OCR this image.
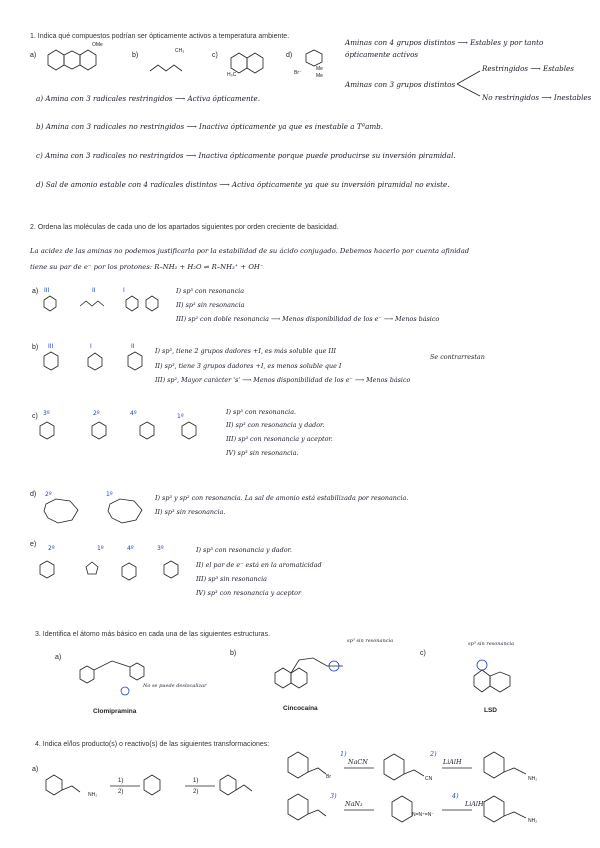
1. Indica qué compuestos podrían ser ópticamente activos a temperatura ambiente.
a)	b)	c)	d)
OMe
CH₃
H₃C	Br⁻
Me
Me
Aminas con 4 grupos distintos ⟶ Estables y por tanto
ópticamente activos
Aminas con 3 grupos distintos
Restringidos ⟶ Estables
No restringidos ⟶ Inestables
a) Amina con 3 radicales restringidos ⟶ Activa ópticamente.
b) Amina con 3 radicales no restringidos ⟶ Inactiva ópticamente ya que es inestable a Tªamb.
c) Amina con 3 radicales no restringidos ⟶ Inactiva ópticamente porque puede producirse su inversión piramidal.
d) Sal de amonio estable con 4 radicales distintos ⟶ Activa ópticamente ya que su inversión piramidal no existe.
2. Ordena las moléculas de cada uno de los apartados siguientes por orden creciente de basicidad.
La acidez de las aminas no podemos justificarla por la estabilidad de su ácido conjugado. Debemos hacerlo por cuenta afinidad
tiene su par de e⁻ por los protones: R–NH₂ + H₂O ⇌ R–NH₃⁺ + OH⁻
a) III	II	I	I) sp³ con resonancia
II) sp³ sin resonancia
III) sp² con doble resonancia ⟶ Menos disponibilidad de los e⁻ ⟶ Menos básico
b) III	I	II
I) sp³, tiene 2 grupos dadores +I, es más soluble que III
II) sp³, tiene 3 grupos dadores +I, es menos soluble que I
III) sp², Mayor carácter 's' ⟶ Menos disponibilidad de los e⁻ ⟶ Menos básico
Se contrarrestan
c) 3º	2º	4º	1º
I) sp³ con resonancia.
II) sp³ con resonancia y dador.
III) sp³ con resonancia y aceptor.
IV) sp³ sin resonancia.
d) 2º	1º	I) sp³ y sp² con resonancia. La sal de amonio está estabilizada por resonancia.
II) sp³ sin resonancia.
e)
2º	1º	4º	3º	I) sp³ con resonancia y dador.
II) el par de e⁻ está en la aromaticidad
III) sp³ sin resonancia
IV) sp³ con resonancia y aceptor
3. Identifica el átomo más básico en cada una de las siguientes estructuras.
a)
b)	c)
No se puede deslocalizar
Clomipramina
sp³ sin resonancia
Cincocaína
sp³ sin resonancia
LSD
4. Indica el/los producto(s) o reactivo(s) de las siguientes transformaciones:
a)
1)
2)
1)
2)
1)
NaCN
2)
LiAlH
3)
NaN₃
4)
LiAlH
Br	CN	NH₂
NH₂
N=N⁺=N⁻
NH₂
